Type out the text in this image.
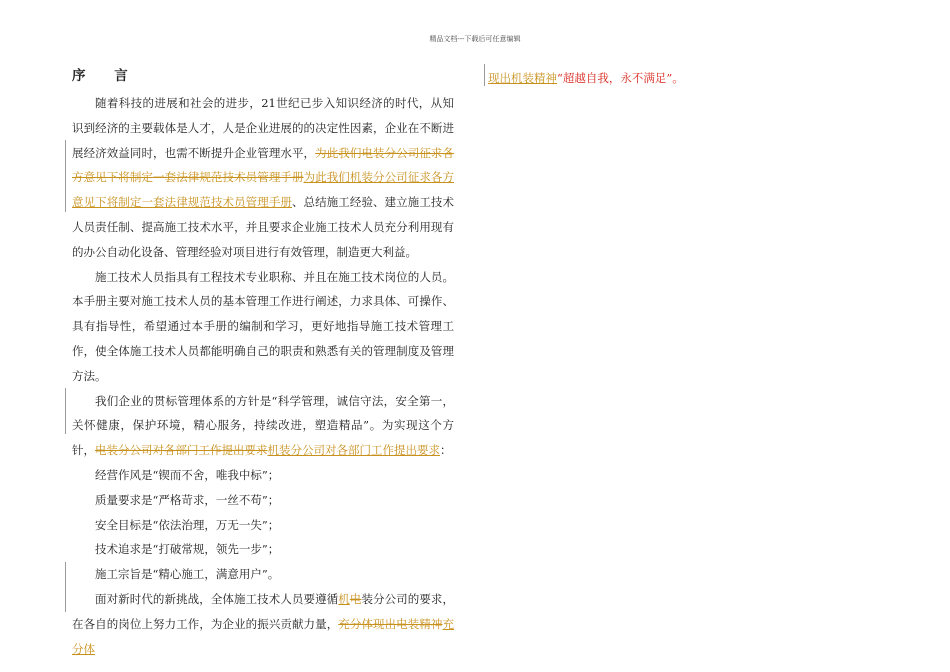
精品文档---下载后可任意编辑
序 言
随着科技的进展和社会的进步，21世纪已步入知识经济的时代，从知识到经济的主要载体是人才，人是企业进展的的决定性因素，企业在不断进展经济效益同时，也需不断提升企业管理水平，为此我们电装分公司征求各方意见下将制定一套法律规范技术员管理手册为此我们机装分公司征求各方意见下将制定一套法律规范技术员管理手册、总结施工经验、建立施工技术人员责任制、提高施工技术水平，并且要求企业施工技术人员充分利用现有的办公自动化设备、管理经验对项目进行有效管理，制造更大利益。
施工技术人员指具有工程技术专业职称、并且在施工技术岗位的人员。本手册主要对施工技术人员的基本管理工作进行阐述，力求具体、可操作、具有指导性，希望通过本手册的编制和学习，更好地指导施工技术管理工作，使全体施工技术人员都能明确自己的职责和熟悉有关的管理制度及管理方法。
我们企业的贯标管理体系的方针是“科学管理，诚信守法，安全第一，关怀健康，保护环境，精心服务，持续改进，塑造精品”。为实现这个方针，电装分公司对各部门工作提出要求机装分公司对各部门工作提出要求：
经营作风是“锲而不舍，唯我中标”；
质量要求是“严格苛求，一丝不苟”；
安全目标是“依法治理，万无一失”；
技术追求是“打破常规，领先一步”；
施工宗旨是“精心施工，满意用户”。
面对新时代的新挑战，全体施工技术人员要遵循机电装分公司的要求，在各自的岗位上努力工作，为企业的振兴贡献力量，充分体现出电装精神充分体
现出机装精神“超越自我，永不满足”。
